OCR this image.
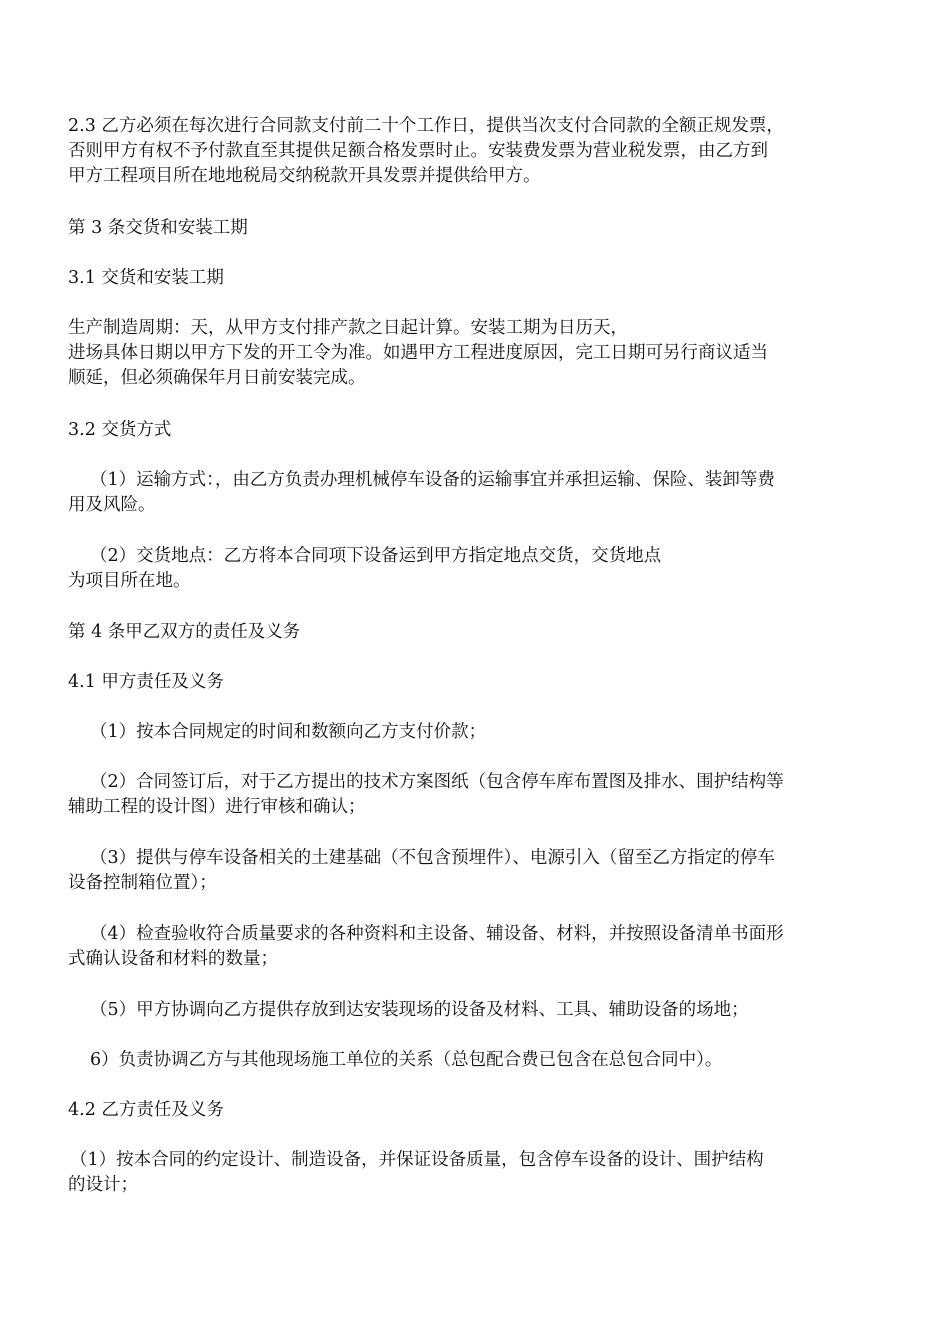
2.3 乙方必须在每次进行合同款支付前二十个工作日，提供当次支付合同款的全额正规发票，
否则甲方有权不予付款直至其提供足额合格发票时止。安装费发票为营业税发票，由乙方到
甲方工程项目所在地地税局交纳税款开具发票并提供给甲方。

第 3 条交货和安装工期

3.1 交货和安装工期

生产制造周期：天，从甲方支付排产款之日起计算。安装工期为日历天，
进场具体日期以甲方下发的开工令为准。如遇甲方工程进度原因，完工日期可另行商议适当
顺延，但必须确保年月日前安装完成。

3.2 交货方式

（1）运输方式：，由乙方负责办理机械停车设备的运输事宜并承担运输、保险、装卸等费
用及风险。

（2）交货地点：乙方将本合同项下设备运到甲方指定地点交货，交货地点
为项目所在地。

第 4 条甲乙双方的责任及义务

4.1 甲方责任及义务

（1）按本合同规定的时间和数额向乙方支付价款；

（2）合同签订后，对于乙方提出的技术方案图纸（包含停车库布置图及排水、围护结构等
辅助工程的设计图）进行审核和确认；

（3）提供与停车设备相关的土建基础（不包含预埋件）、电源引入（留至乙方指定的停车
设备控制箱位置）；

（4）检查验收符合质量要求的各种资料和主设备、辅设备、材料，并按照设备清单书面形
式确认设备和材料的数量；

（5）甲方协调向乙方提供存放到达安装现场的设备及材料、工具、辅助设备的场地；

6）负责协调乙方与其他现场施工单位的关系（总包配合费已包含在总包合同中）。

4.2 乙方责任及义务

（1）按本合同的约定设计、制造设备，并保证设备质量，包含停车设备的设计、围护结构
的设计；
